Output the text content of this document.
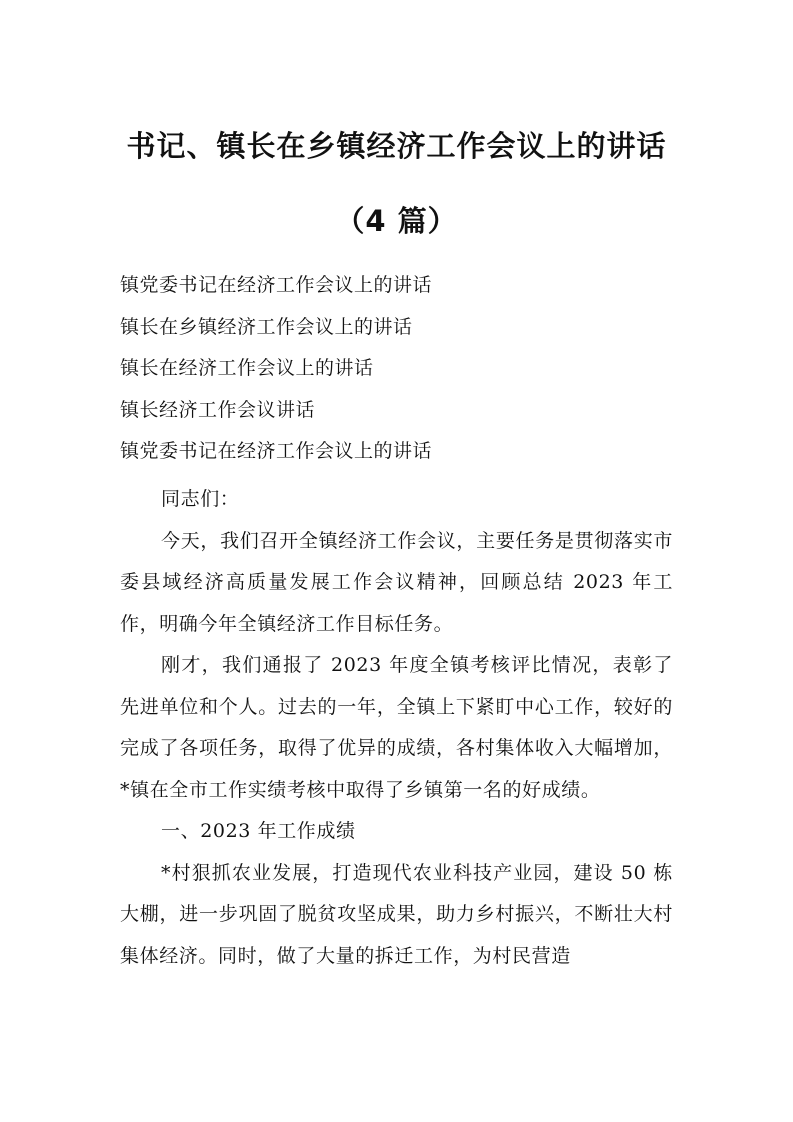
书记、镇长在乡镇经济工作会议上的讲话
（4 篇）
镇党委书记在经济工作会议上的讲话
镇长在乡镇经济工作会议上的讲话
镇长在经济工作会议上的讲话
镇长经济工作会议讲话
镇党委书记在经济工作会议上的讲话

同志们：

今天，我们召开全镇经济工作会议，主要任务是贯彻落实市委县域经济高质量发展工作会议精神，回顾总结 2023 年工作，明确今年全镇经济工作目标任务。

刚才，我们通报了 2023 年度全镇考核评比情况，表彰了先进单位和个人。过去的一年，全镇上下紧盯中心工作，较好的完成了各项任务，取得了优异的成绩，各村集体收入大幅增加，*镇在全市工作实绩考核中取得了乡镇第一名的好成绩。

一、2023 年工作成绩

*村狠抓农业发展，打造现代农业科技产业园，建设 50 栋大棚，进一步巩固了脱贫攻坚成果，助力乡村振兴，不断壮大村集体经济。同时，做了大量的拆迁工作，为村民营造
